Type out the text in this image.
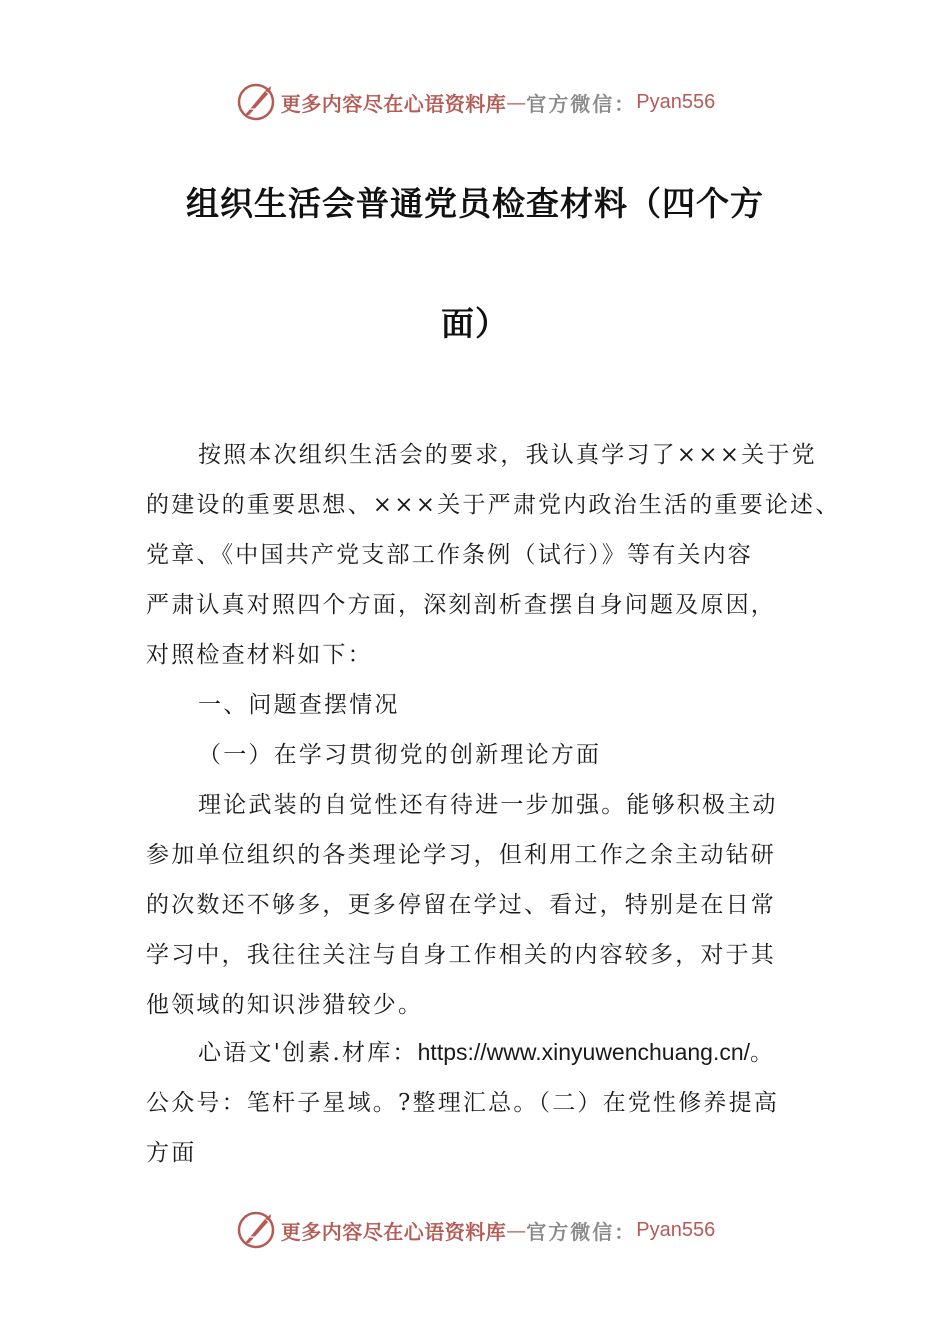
更多内容尽在心语资料库 — 官方微信： Pyan556
组织生活会普通党员检查材料（四个方
面）
按照本次组织生活会的要求，我认真学习了×××关于党
的建设的重要思想、×××关于严肃党内政治生活的重要论述、
党章、《中国共产党支部工作条例（试行）》等有关内容
严肃认真对照四个方面，深刻剖析查摆自身问题及原因，
对照检查材料如下：
一、问题查摆情况
（一）在学习贯彻党的创新理论方面
理论武装的自觉性还有待进一步加强。能够积极主动
参加单位组织的各类理论学习，但利用工作之余主动钻研
的次数还不够多，更多停留在学过、看过，特别是在日常
学习中，我往往关注与自身工作相关的内容较多，对于其
他领域的知识涉猎较少。
心语文'创素.材库：https://www.xinyuwenchuang.cn/。
公众号：笔杆子星域。?整理汇总。（二）在党性修养提高
方面
更多内容尽在心语资料库 — 官方微信： Pyan556
